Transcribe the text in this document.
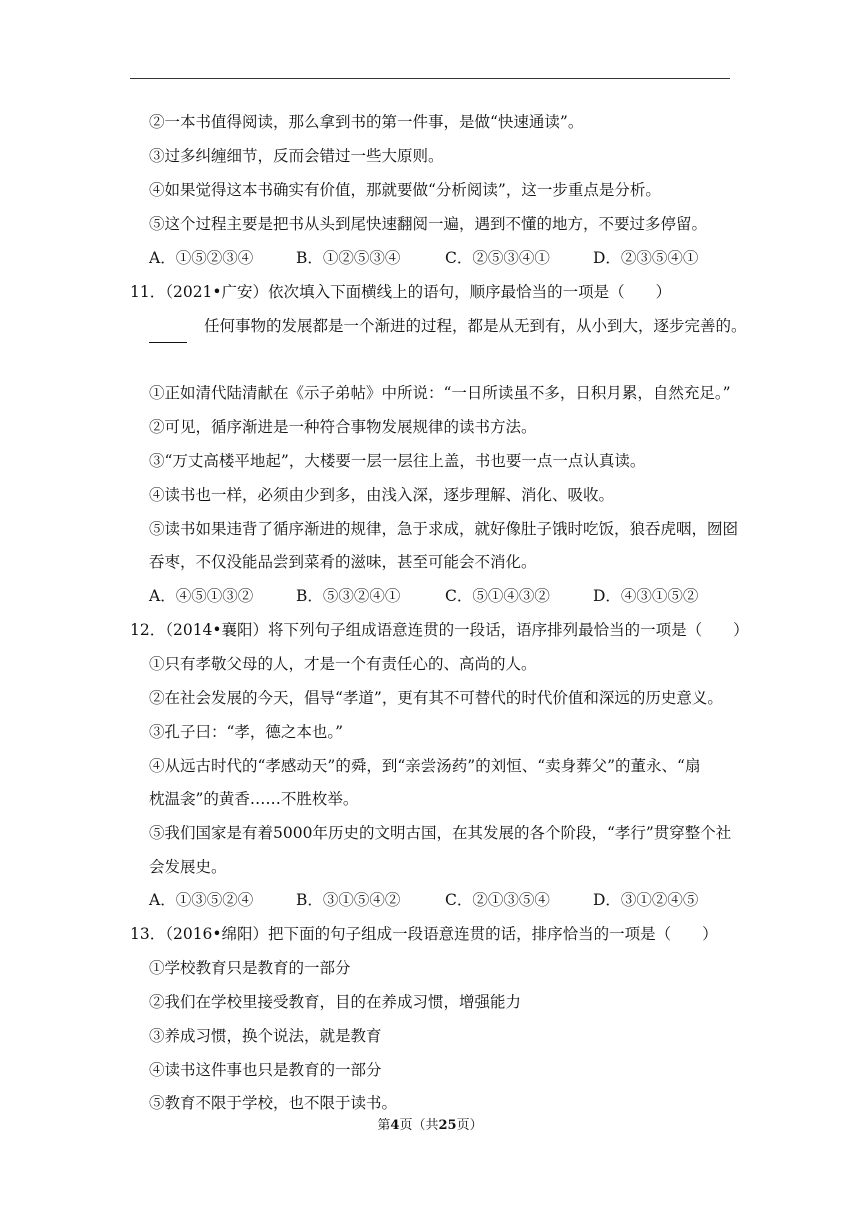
②一本书值得阅读，那么拿到书的第一件事，是做“快速通读”。
③过多纠缠细节，反而会错过一些大原则。
④如果觉得这本书确实有价值，那就要做“分析阅读”，这一步重点是分析。
⑤这个过程主要是把书从头到尾快速翻阅一遍，遇到不懂的地方，不要过多停留。
A．①⑤②③④	B．①②⑤③④	C．②⑤③④①	D．②③⑤④①
11．（2021•广安）依次填入下面横线上的语句，顺序最恰当的一项是（　　）
任何事物的发展都是一个渐进的过程，都是从无到有，从小到大，逐步完善的。
①正如清代陆清献在《示子弟帖》中所说：“一日所读虽不多，日积月累，自然充足。”
②可见，循序渐进是一种符合事物发展规律的读书方法。
③“万丈高楼平地起”，大楼要一层一层往上盖，书也要一点一点认真读。
④读书也一样，必须由少到多，由浅入深，逐步理解、消化、吸收。
⑤读书如果违背了循序渐进的规律，急于求成，就好像肚子饿时吃饭，狼吞虎咽，囫囵
吞枣，不仅没能品尝到菜肴的滋味，甚至可能会不消化。
A．④⑤①③②	B．⑤③②④①	C．⑤①④③②	D．④③①⑤②
12．（2014•襄阳）将下列句子组成语意连贯的一段话，语序排列最恰当的一项是（　　）
①只有孝敬父母的人，才是一个有责任心的、高尚的人。
②在社会发展的今天，倡导“孝道”，更有其不可替代的时代价值和深远的历史意义。
③孔子曰：“孝，德之本也。”
④从远古时代的“孝感动天”的舜，到“亲尝汤药”的刘恒、“卖身葬父”的董永、“扇
枕温衾”的黄香……不胜枚举。
⑤我们国家是有着5000年历史的文明古国，在其发展的各个阶段，“孝行”贯穿整个社
会发展史。
A．①③⑤②④	B．③①⑤④②	C．②①③⑤④	D．③①②④⑤
13．（2016•绵阳）把下面的句子组成一段语意连贯的话，排序恰当的一项是（　　）
①学校教育只是教育的一部分
②我们在学校里接受教育，目的在养成习惯，增强能力
③养成习惯，换个说法，就是教育
④读书这件事也只是教育的一部分
⑤教育不限于学校，也不限于读书。
第4页（共25页）
